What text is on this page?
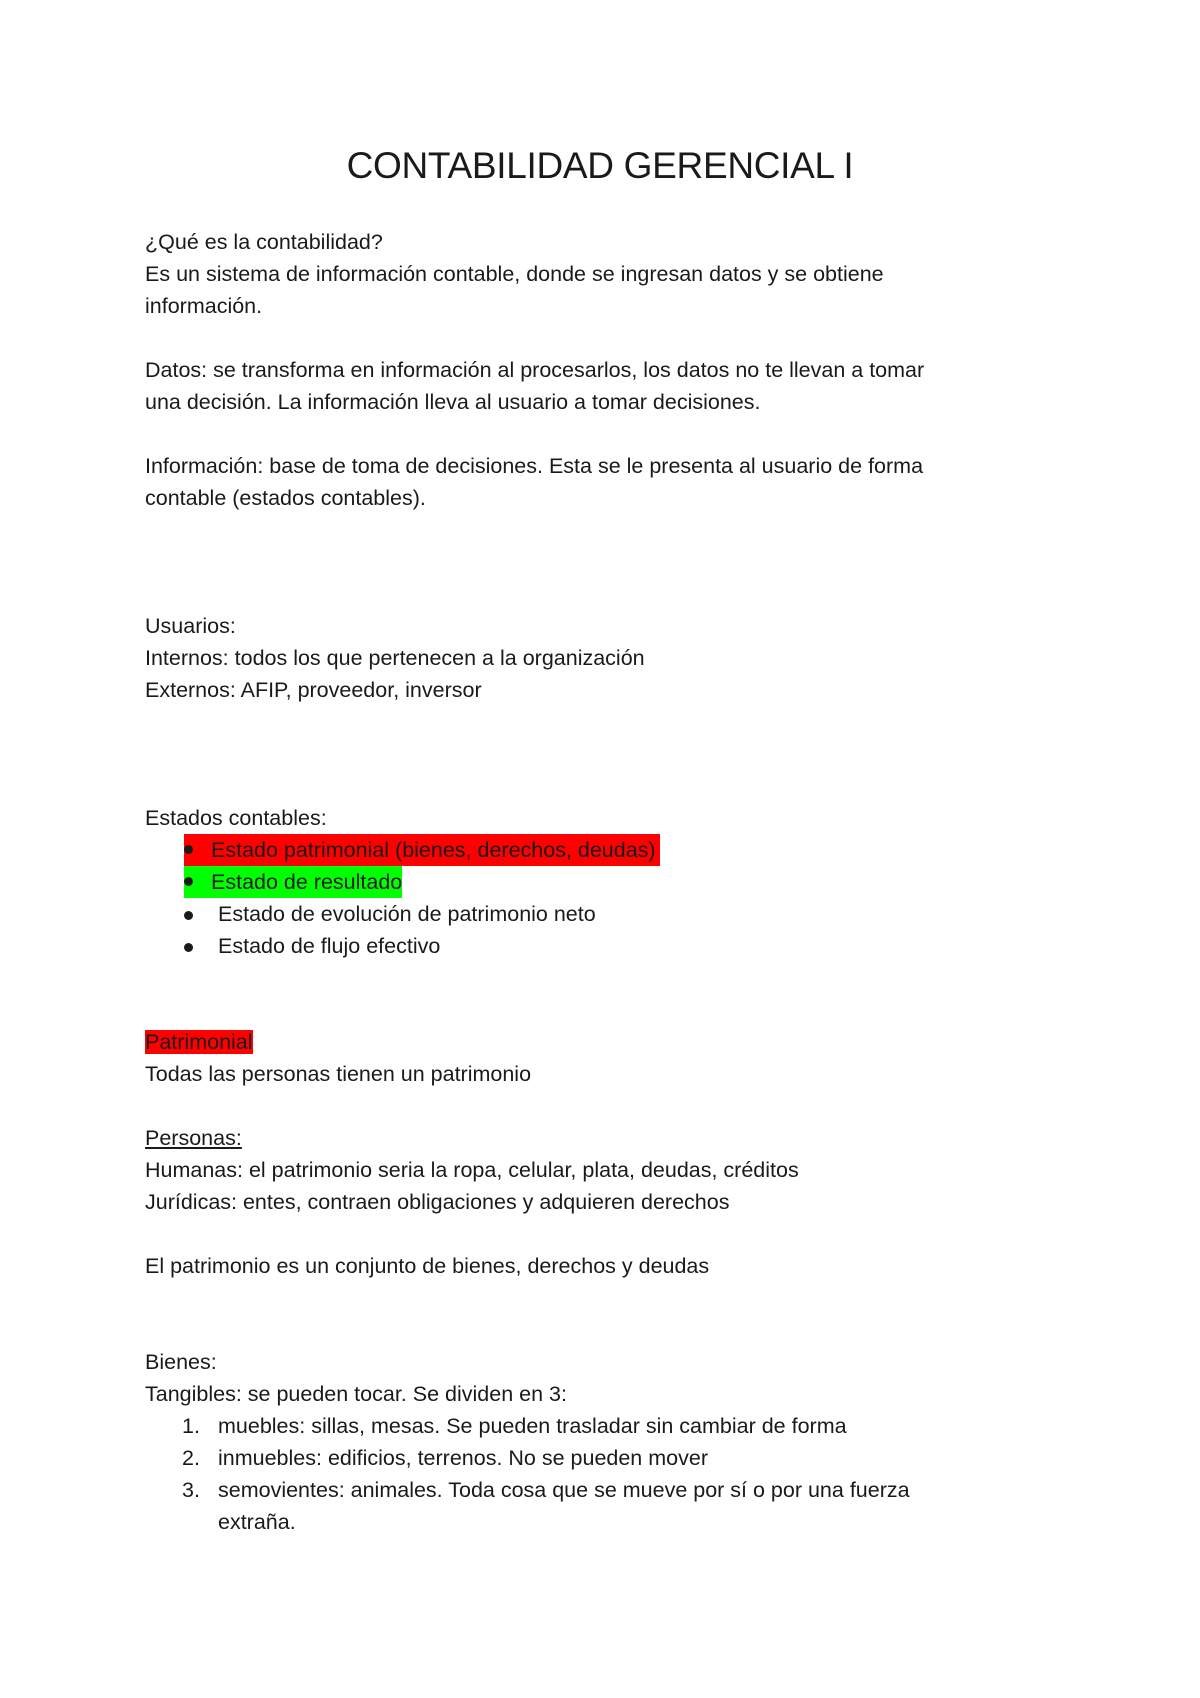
CONTABILIDAD GERENCIAL I

¿Qué es la contabilidad?

Es un sistema de información contable, donde se ingresan datos y se obtiene

información.

Datos: se transforma en información al procesarlos, los datos no te llevan a tomar

una decisión. La información lleva al usuario a tomar decisiones.

Información: base de toma de decisiones. Esta se le presenta al usuario de forma

contable (estados contables).

Usuarios:

Internos: todos los que pertenecen a la organización

Externos: AFIP, proveedor, inversor

Estados contables:

Estado patrimonial (bienes, derechos, deudas)
Estado de resultado
Estado de evolución de patrimonio neto
Estado de flujo efectivo

Patrimonial

Todas las personas tienen un patrimonio

Personas:

Humanas: el patrimonio seria la ropa, celular, plata, deudas, créditos

Jurídicas: entes, contraen obligaciones y adquieren derechos

El patrimonio es un conjunto de bienes, derechos y deudas

Bienes:

Tangibles: se pueden tocar. Se dividen en 3:

1. muebles: sillas, mesas. Se pueden trasladar sin cambiar de forma
2. inmuebles: edificios, terrenos. No se pueden mover
3. semovientes: animales. Toda cosa que se mueve por sí o por una fuerza
extraña.
